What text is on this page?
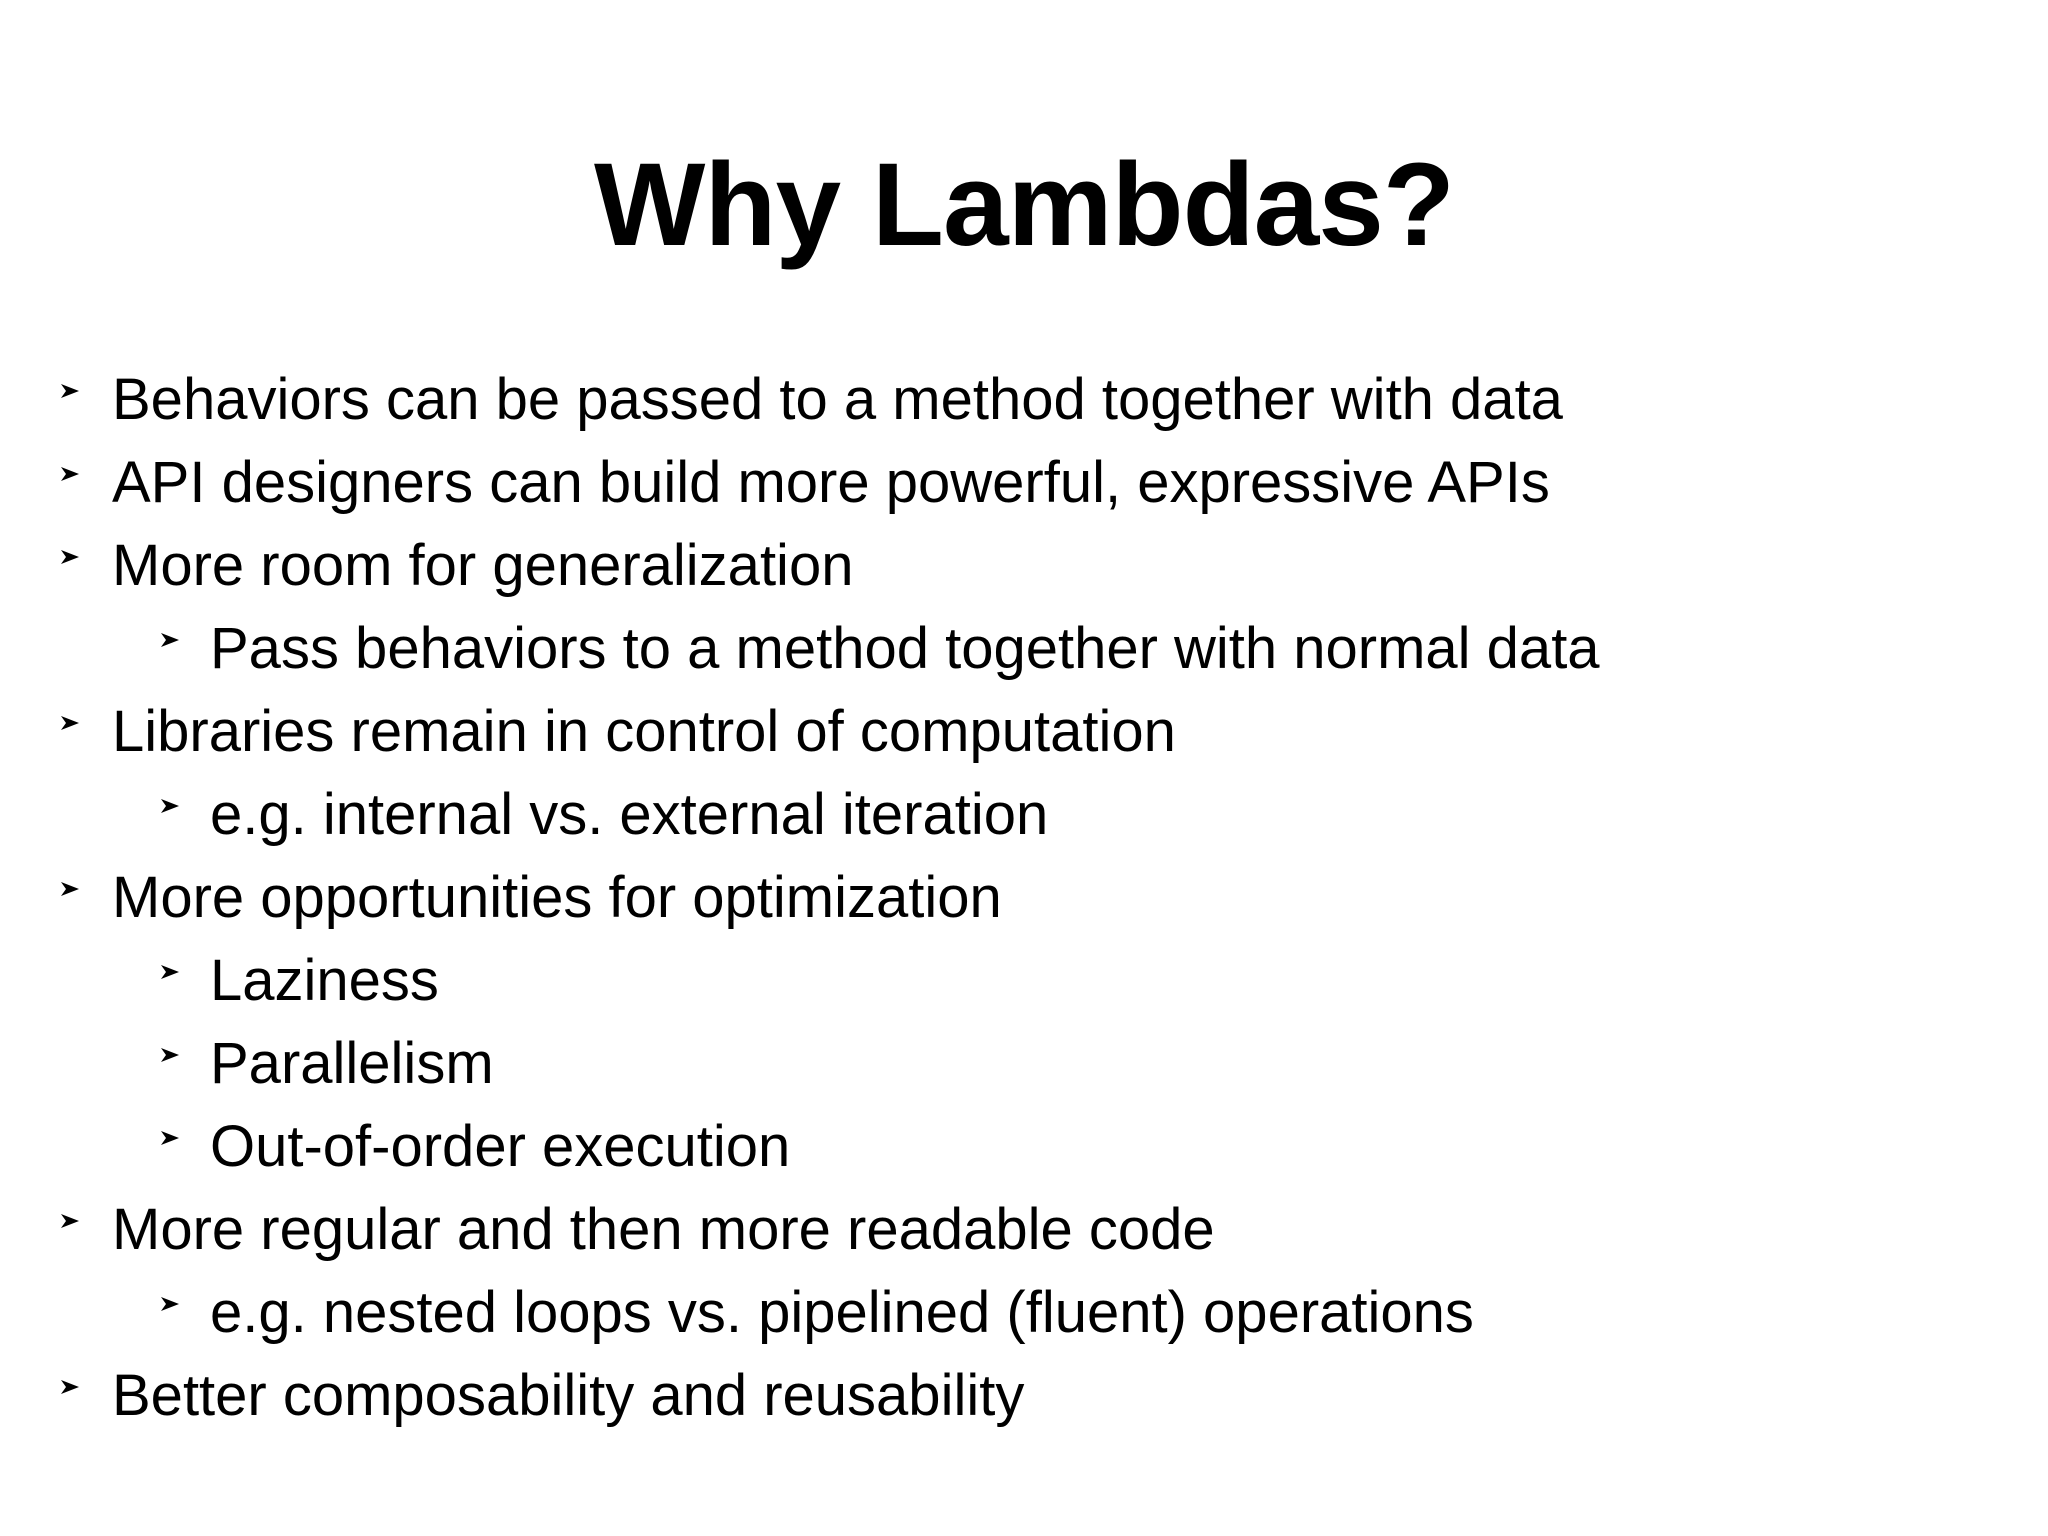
Why Lambdas?
Behaviors can be passed to a method together with data
API designers can build more powerful, expressive APIs
More room for generalization
Pass behaviors to a method together with normal data
Libraries remain in control of computation
e.g. internal vs. external iteration
More opportunities for optimization
Laziness
Parallelism
Out-of-order execution
More regular and then more readable code
e.g. nested loops vs. pipelined (fluent) operations
Better composability and reusability
